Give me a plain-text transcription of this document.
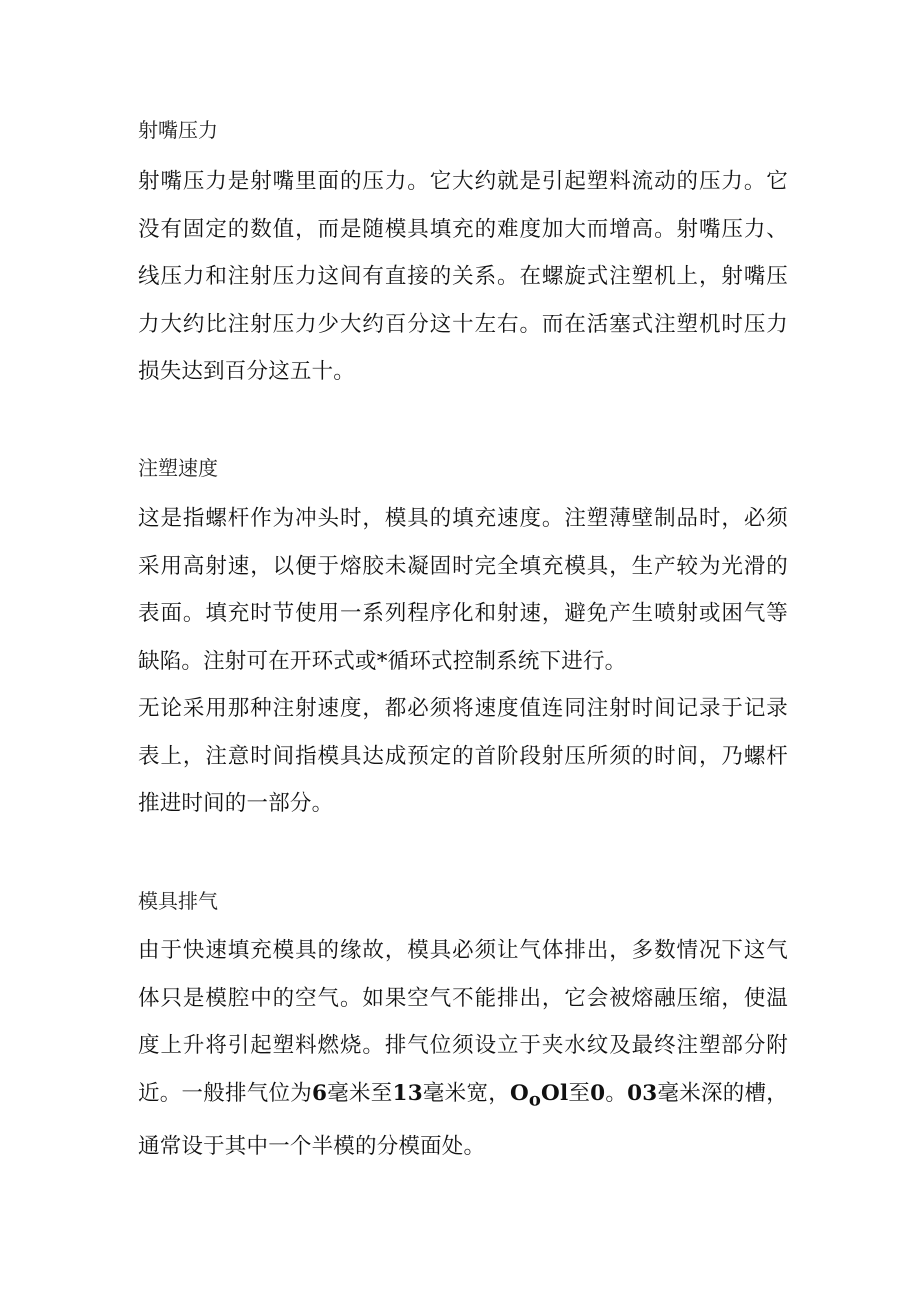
射嘴压力
射嘴压力是射嘴里面的压力。它大约就是引起塑料流动的压力。它没有固定的数值，而是随模具填充的难度加大而增高。射嘴压力、线压力和注射压力这间有直接的关系。在螺旋式注塑机上，射嘴压力大约比注射压力少大约百分这十左右。而在活塞式注塑机时压力损失达到百分这五十。
注塑速度
这是指螺杆作为冲头时，模具的填充速度。注塑薄壁制品时，必须采用高射速，以便于熔胶未凝固时完全填充模具，生产较为光滑的表面。填充时节使用一系列程序化和射速，避免产生喷射或困气等缺陷。注射可在开环式或*循环式控制系统下进行。
无论采用那种注射速度，都必须将速度值连同注射时间记录于记录表上，注意时间指模具达成预定的首阶段射压所须的时间，乃螺杆推进时间的一部分。
模具排气
由于快速填充模具的缘故，模具必须让气体排出，多数情况下这气体只是模腔中的空气。如果空气不能排出，它会被熔融压缩，使温度上升将引起塑料燃烧。排气位须设立于夹水纹及最终注塑部分附近。一般排气位为6毫米至13毫米宽，$O_oOl$至0。03毫米深的槽，通常设于其中一个半模的分模面处。
